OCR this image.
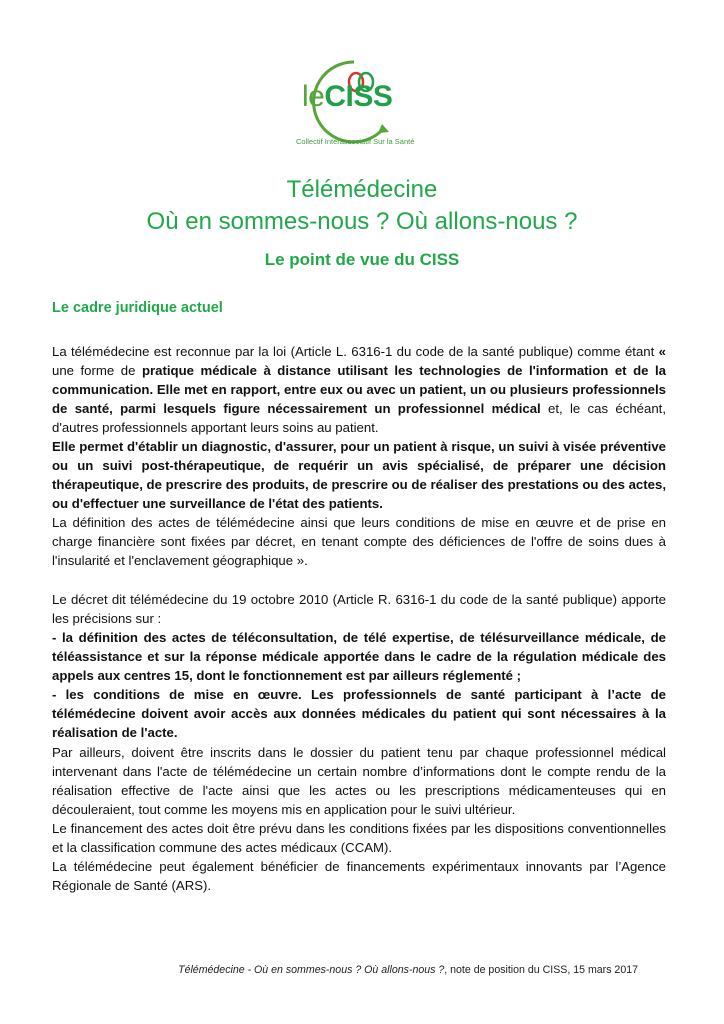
leCISS
Collectif Interassociatif Sur la Santé
Télémédecine
Où en sommes-nous ? Où allons-nous ?
Le point de vue du CISS
Le cadre juridique actuel

La télémédecine est reconnue par la loi (Article L. 6316-1 du code de la santé publique) comme étant « une forme de pratique médicale à distance utilisant les technologies de l'information et de la communication. Elle met en rapport, entre eux ou avec un patient, un ou plusieurs professionnels de santé, parmi lesquels figure nécessairement un professionnel médical et, le cas échéant, d'autres professionnels apportant leurs soins au patient.

Elle permet d'établir un diagnostic, d'assurer, pour un patient à risque, un suivi à visée préventive ou un suivi post-thérapeutique, de requérir un avis spécialisé, de préparer une décision thérapeutique, de prescrire des produits, de prescrire ou de réaliser des prestations ou des actes, ou d'effectuer une surveillance de l'état des patients.

La définition des actes de télémédecine ainsi que leurs conditions de mise en œuvre et de prise en charge financière sont fixées par décret, en tenant compte des déficiences de l'offre de soins dues à l'insularité et l'enclavement géographique ».

Le décret dit télémédecine du 19 octobre 2010 (Article R. 6316-1 du code de la santé publique) apporte les précisions sur :

- la définition des actes de téléconsultation, de télé expertise, de télésurveillance médicale, de téléassistance et sur la réponse médicale apportée dans le cadre de la régulation médicale des appels aux centres 15, dont le fonctionnement est par ailleurs réglementé ;

- les conditions de mise en œuvre. Les professionnels de santé participant à l’acte de télémédecine doivent avoir accès aux données médicales du patient qui sont nécessaires à la réalisation de l'acte.

Par ailleurs, doivent être inscrits dans le dossier du patient tenu par chaque professionnel médical intervenant dans l'acte de télémédecine un certain nombre d’informations dont le compte rendu de la réalisation effective de l'acte ainsi que les actes ou les prescriptions médicamenteuses qui en découleraient, tout comme les moyens mis en application pour le suivi ultérieur.

Le financement des actes doit être prévu dans les conditions fixées par les dispositions conventionnelles et la classification commune des actes médicaux (CCAM).

La télémédecine peut également bénéficier de financements expérimentaux innovants par l’Agence Régionale de Santé (ARS).

Télémédecine - Où en sommes-nous ? Où allons-nous ?, note de position du CISS, 15 mars 2017
